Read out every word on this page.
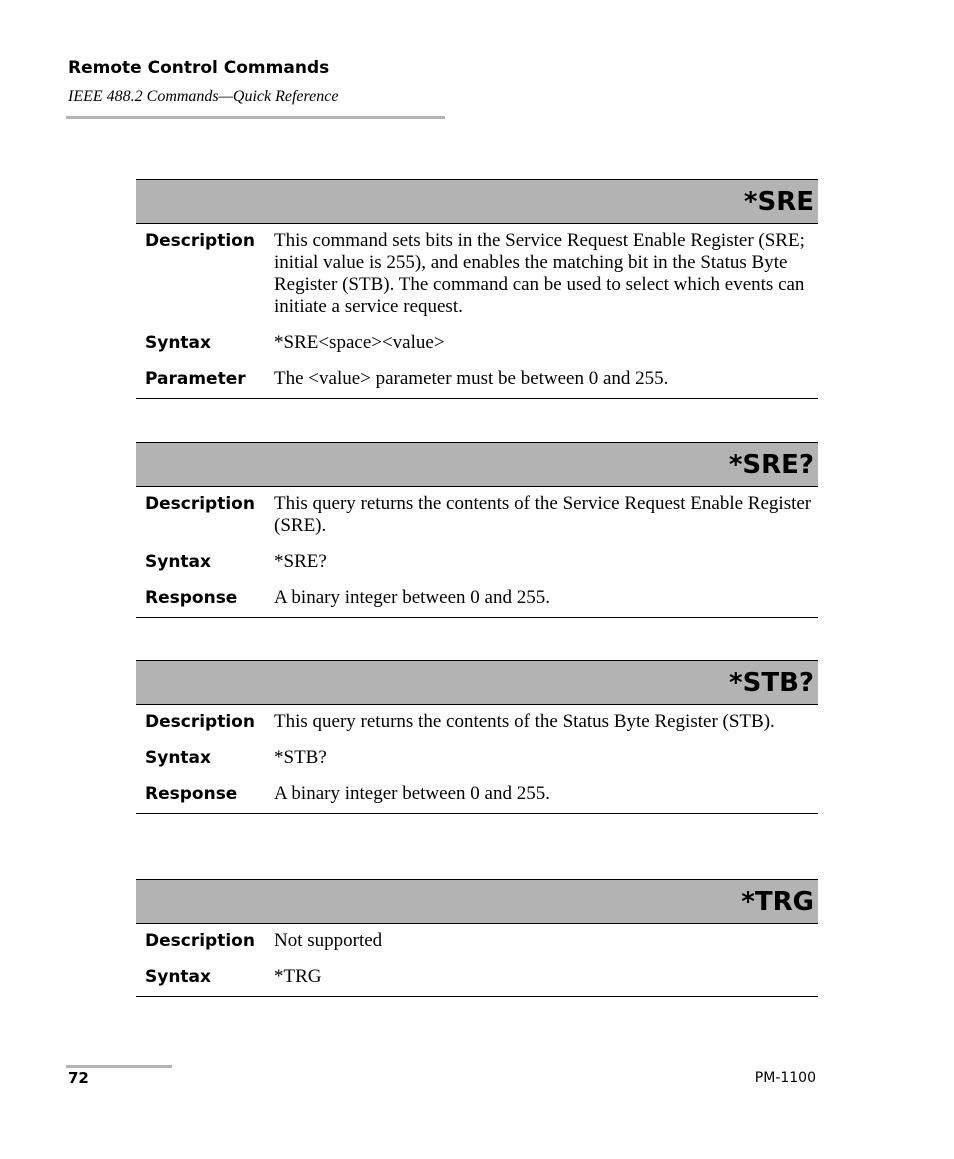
Remote Control Commands
IEEE 488.2 Commands—Quick Reference
*SRE
Description	This command sets bits in the Service Request Enable Register (SRE; initial value is 255), and enables the matching bit in the Status Byte Register (STB). The command can be used to select which events can initiate a service request.
Syntax	*SRE<space><value>
Parameter	The <value> parameter must be between 0 and 255.
*SRE?
Description	This query returns the contents of the Service Request Enable Register (SRE).
Syntax	*SRE?
Response	A binary integer between 0 and 255.
*STB?
Description	This query returns the contents of the Status Byte Register (STB).
Syntax	*STB?
Response	A binary integer between 0 and 255.
*TRG
Description	Not supported
Syntax	*TRG
72	PM-1100
